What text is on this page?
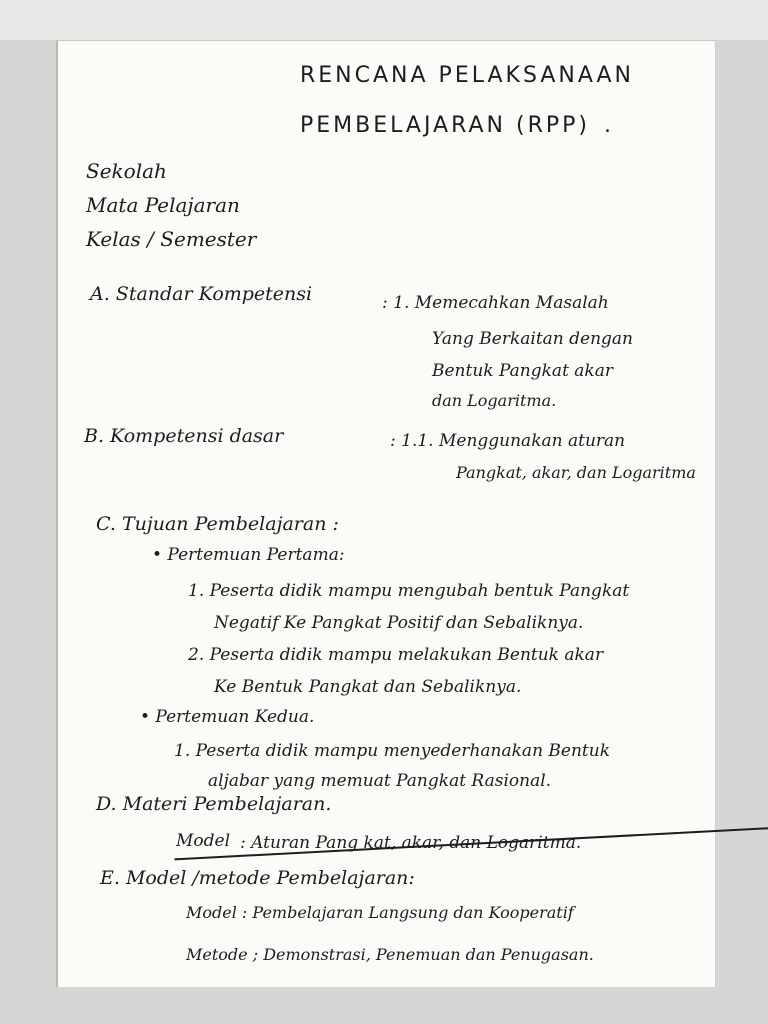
RENCANA PELAKSANAAN
PEMBELAJARAN (RPP) .
Sekolah
Mata Pelajaran
Kelas / Semester
A. Standar Kompetensi	: 1. Memecahkan Masalah
Yang Berkaitan dengan
Bentuk Pangkat akar
dan Logaritma.
B. Kompetensi dasar	: 1.1. Menggunakan aturan
Pangkat, akar, dan Logaritma
C. Tujuan Pembelajaran :
• Pertemuan Pertama:
1. Peserta didik mampu mengubah bentuk Pangkat
Negatif Ke Pangkat Positif dan Sebaliknya.
2. Peserta didik mampu melakukan Bentuk akar
Ke Bentuk Pangkat dan Sebaliknya.
• Pertemuan Kedua.
1. Peserta didik mampu menyederhanakan Bentuk
aljabar yang memuat Pangkat Rasional.
D. Materi Pembelajaran.
Model : Aturan Pang kat, akar, dan Logaritma.
E. Model /metode Pembelajaran:
Model : Pembelajaran Langsung dan Kooperatif
Metode ; Demonstrasi, Penemuan dan Penugasan.
